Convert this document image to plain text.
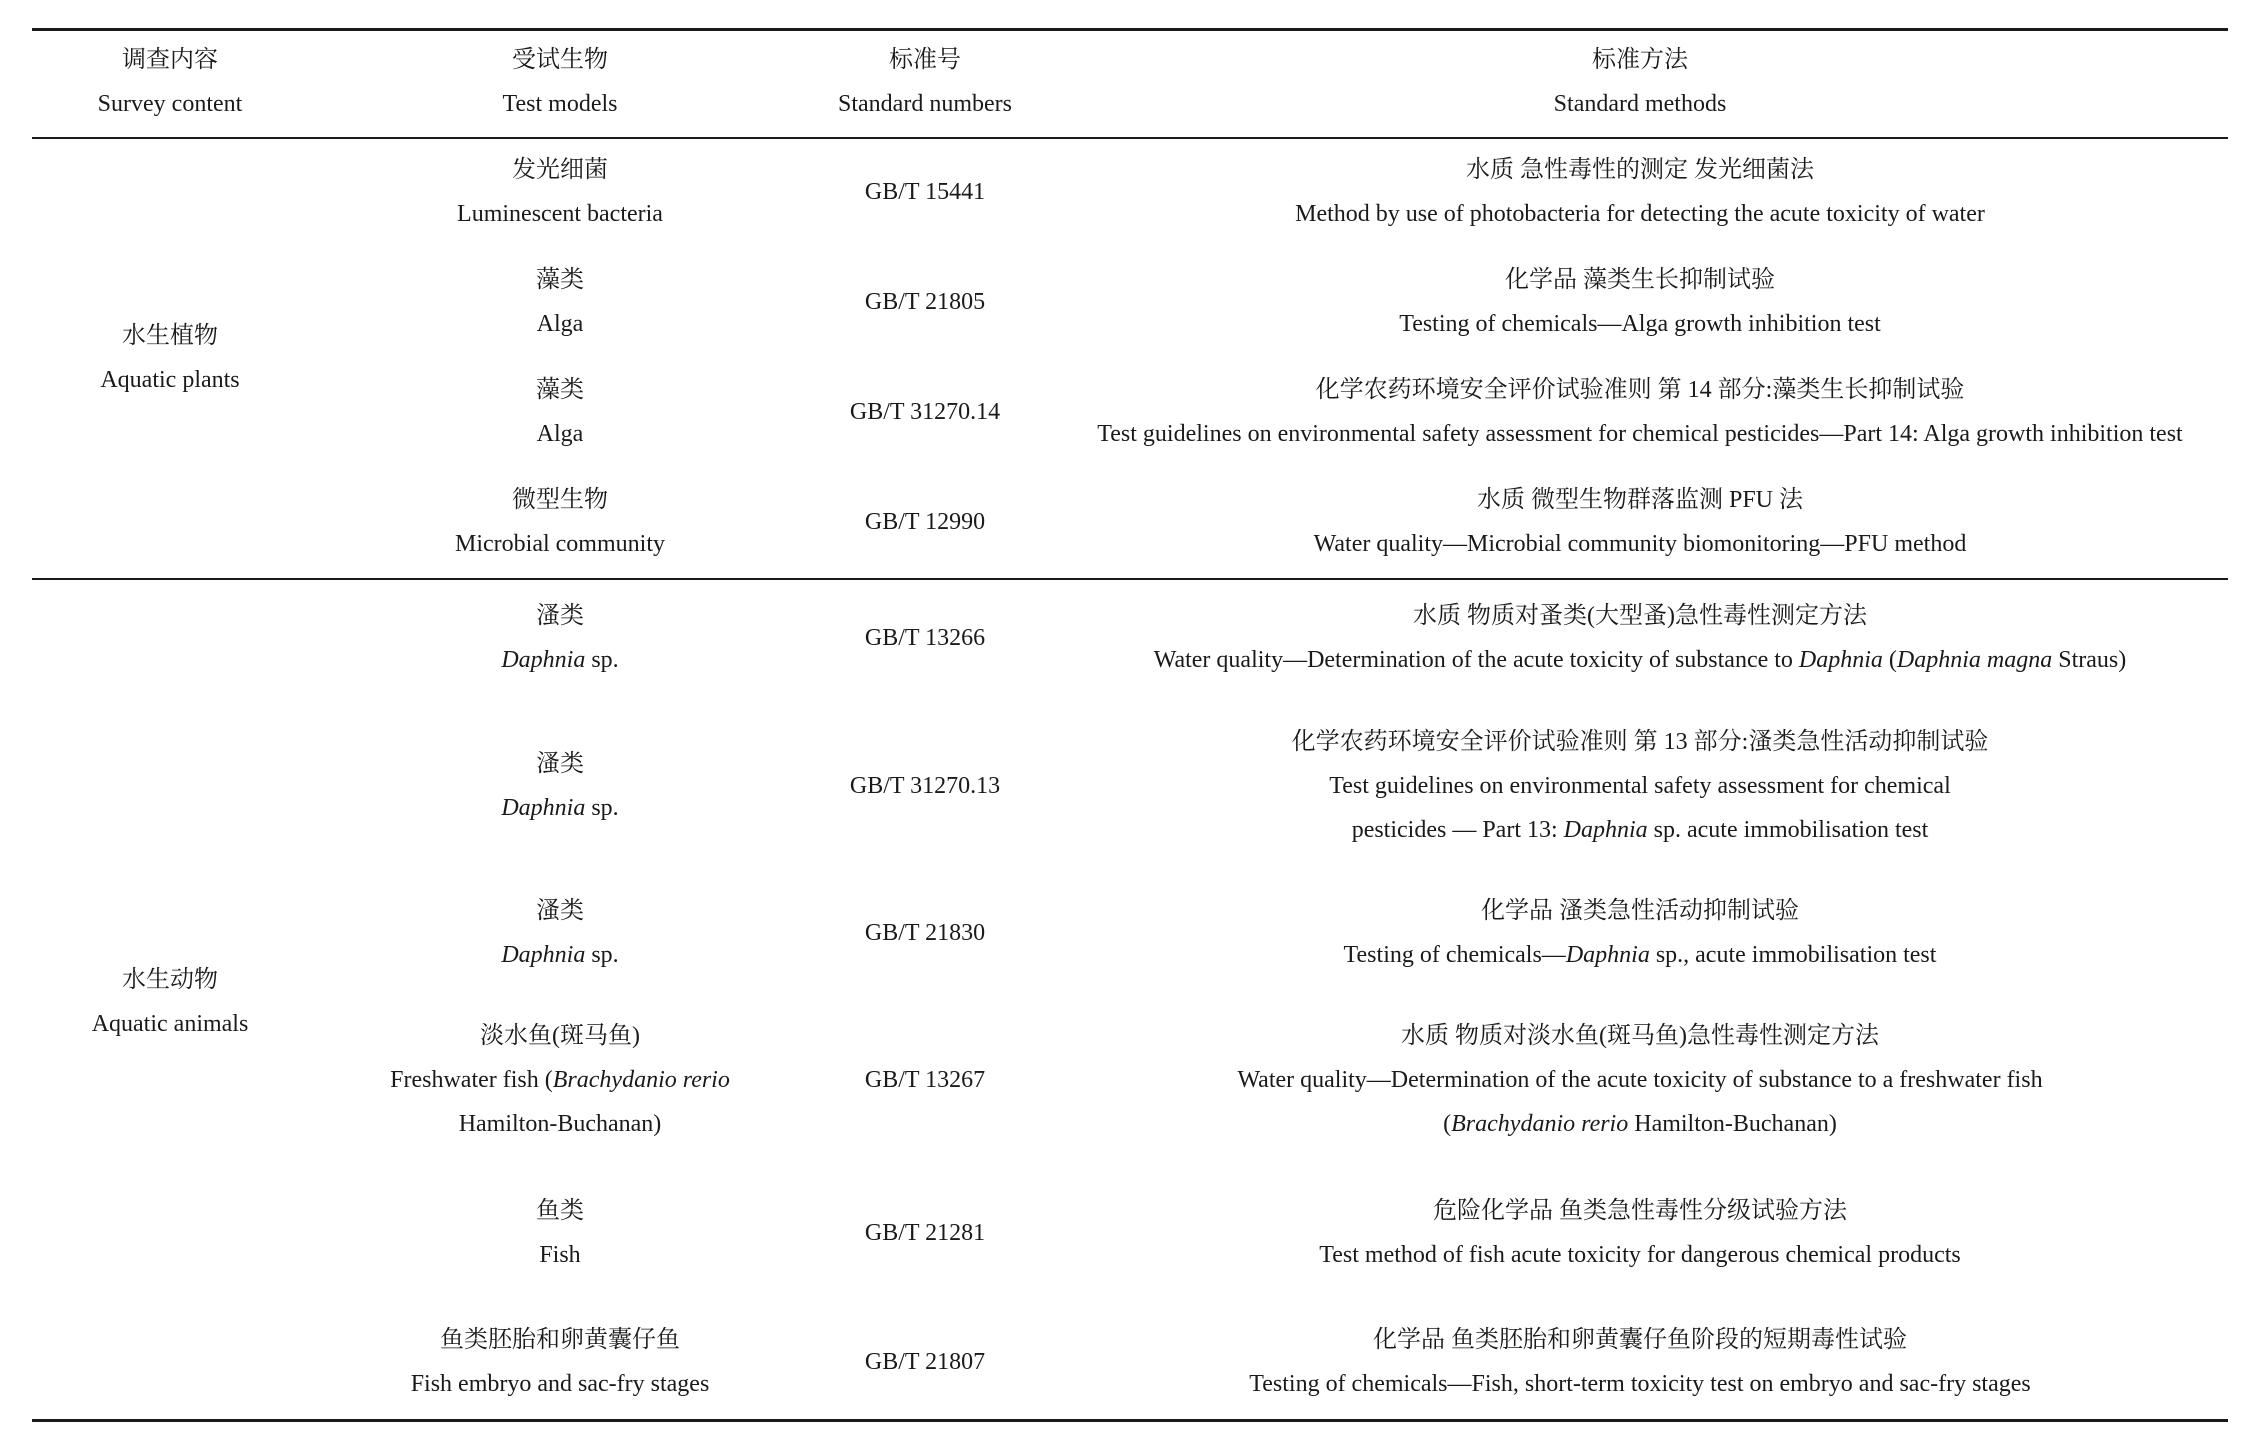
调查内容
Survey content
受试生物
Test models
标准号
Standard numbers
标准方法
Standard methods
水生植物
Aquatic plants
水生动物
Aquatic animals
发光细菌
Luminescent bacteria
GB/T 15441
水质 急性毒性的测定 发光细菌法
Method by use of photobacteria for detecting the acute toxicity of water
藻类
Alga
GB/T 21805
化学品 藻类生长抑制试验
Testing of chemicals—Alga growth inhibition test
藻类
Alga
GB/T 31270.14
化学农药环境安全评价试验准则 第 14 部分:藻类生长抑制试验
Test guidelines on environmental safety assessment for chemical pesticides—Part 14: Alga growth inhibition test
微型生物
Microbial community
GB/T 12990
水质 微型生物群落监测 PFU 法
Water quality—Microbial community biomonitoring—PFU method
溞类
Daphnia sp.
GB/T 13266
水质 物质对蚤类(大型蚤)急性毒性测定方法
Water quality—Determination of the acute toxicity of substance to Daphnia (Daphnia magna Straus)
溞类
Daphnia sp.
GB/T 31270.13
化学农药环境安全评价试验准则 第 13 部分:溞类急性活动抑制试验
Test guidelines on environmental safety assessment for chemical
pesticides — Part 13: Daphnia sp. acute immobilisation test
溞类
Daphnia sp.
GB/T 21830
化学品 溞类急性活动抑制试验
Testing of chemicals—Daphnia sp., acute immobilisation test
淡水鱼(斑马鱼)
Freshwater fish (Brachydanio rerio
Hamilton-Buchanan)
GB/T 13267
水质 物质对淡水鱼(斑马鱼)急性毒性测定方法
Water quality—Determination of the acute toxicity of substance to a freshwater fish
(Brachydanio rerio Hamilton-Buchanan)
鱼类
Fish
GB/T 21281
危险化学品 鱼类急性毒性分级试验方法
Test method of fish acute toxicity for dangerous chemical products
鱼类胚胎和卵黄囊仔鱼
Fish embryo and sac-fry stages
GB/T 21807
化学品 鱼类胚胎和卵黄囊仔鱼阶段的短期毒性试验
Testing of chemicals—Fish, short-term toxicity test on embryo and sac-fry stages
